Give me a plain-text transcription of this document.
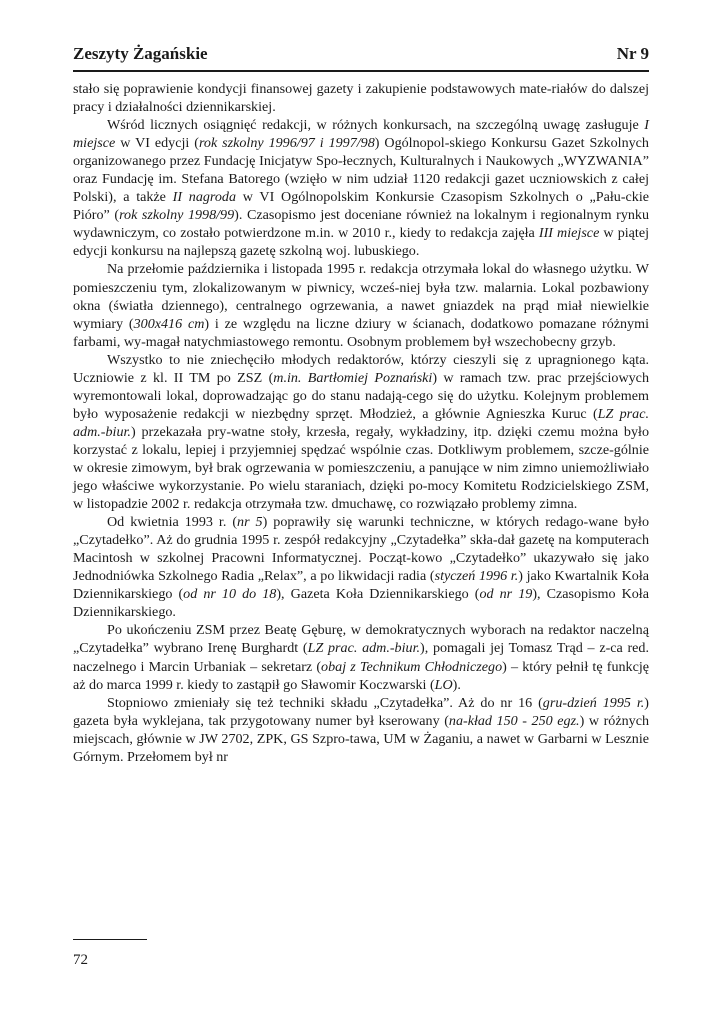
Zeszyty Żagańskie	Nr 9

stało się poprawienie kondycji finansowej gazety i zakupienie podstawowych mate-riałów do dalszej pracy i działalności dziennikarskiej.

Wśród licznych osiągnięć redakcji, w różnych konkursach, na szczególną uwagę zasługuje I miejsce w VI edycji (rok szkolny 1996/97 i 1997/98) Ogólnopol-skiego Konkursu Gazet Szkolnych organizowanego przez Fundację Inicjatyw Spo-łecznych, Kulturalnych i Naukowych „WYZWANIA” oraz Fundację im. Stefana Batorego (wzięło w nim udział 1120 redakcji gazet uczniowskich z całej Polski), a także II nagroda w VI Ogólnopolskim Konkursie Czasopism Szkolnych o „Pału-ckie Pióro” (rok szkolny 1998/99). Czasopismo jest doceniane również na lokalnym i regionalnym rynku wydawniczym, co zostało potwierdzone m.in. w 2010 r., kiedy to redakcja zajęła III miejsce w piątej edycji konkursu na najlepszą gazetę szkolną woj. lubuskiego.

Na przełomie października i listopada 1995 r. redakcja otrzymała lokal do własnego użytku. W pomieszczeniu tym, zlokalizowanym w piwnicy, wcześ-niej była tzw. malarnia. Lokal pozbawiony okna (światła dziennego), centralnego ogrzewania, a nawet gniazdek na prąd miał niewielkie wymiary (300x416 cm) i ze względu na liczne dziury w ścianach, dodatkowo pomazane różnymi farbami, wy-magał natychmiastowego remontu. Osobnym problemem był wszechobecny grzyb.

Wszystko to nie zniechęciło młodych redaktorów, którzy cieszyli się z upragnionego kąta. Uczniowie z kl. II TM po ZSZ (m.in. Bartłomiej Poznański) w ramach tzw. prac przejściowych wyremontowali lokal, doprowadzając go do stanu nadają-cego się do użytku. Kolejnym problemem było wyposażenie redakcji w niezbędny sprzęt. Młodzież, a głównie Agnieszka Kuruc (LZ prac. adm.-biur.) przekazała pry-watne stoły, krzesła, regały, wykładziny, itp. dzięki czemu można było korzystać z lokalu, lepiej i przyjemniej spędzać wspólnie czas. Dotkliwym problemem, szcze-gólnie w okresie zimowym, był brak ogrzewania w pomieszczeniu, a panujące w nim zimno uniemożliwiało jego właściwe wykorzystanie. Po wielu staraniach, dzięki po-mocy Komitetu Rodzicielskiego ZSM, w listopadzie 2002 r. redakcja otrzymała tzw. dmuchawę, co rozwiązało problemy zimna.

Od kwietnia 1993 r. (nr 5) poprawiły się warunki techniczne, w których redago-wane było „Czytadełko”. Aż do grudnia 1995 r. zespół redakcyjny „Czytadełka” skła-dał gazetę na komputerach Macintosh w szkolnej Pracowni Informatycznej. Począt-kowo „Czytadełko” ukazywało się jako Jednodniówka Szkolnego Radia „Relax”, a po likwidacji radia (styczeń 1996 r.) jako Kwartalnik Koła Dziennikarskiego (od nr 10 do 18), Gazeta Koła Dziennikarskiego (od nr 19), Czasopismo Koła Dziennikarskiego.

Po ukończeniu ZSM przez Beatę Gęburę, w demokratycznych wyborach na redaktor naczelną „Czytadełka” wybrano Irenę Burghardt (LZ prac. adm.-biur.), pomagali jej Tomasz Trąd – z-ca red. naczelnego i Marcin Urbaniak – sekretarz (obaj z Technikum Chłodniczego) – który pełnił tę funkcję aż do marca 1999 r. kiedy to zastąpił go Sławomir Koczwarski (LO).

Stopniowo zmieniały się też techniki składu „Czytadełka”. Aż do nr 16 (gru-dzień 1995 r.) gazeta była wyklejana, tak przygotowany numer był kserowany (na-kład 150 - 250 egz.) w różnych miejscach, głównie w JW 2702, ZPK, GS Szpro-tawa, UM w Żaganiu, a nawet w Garbarni w Lesznie Górnym. Przełomem był nr

72
